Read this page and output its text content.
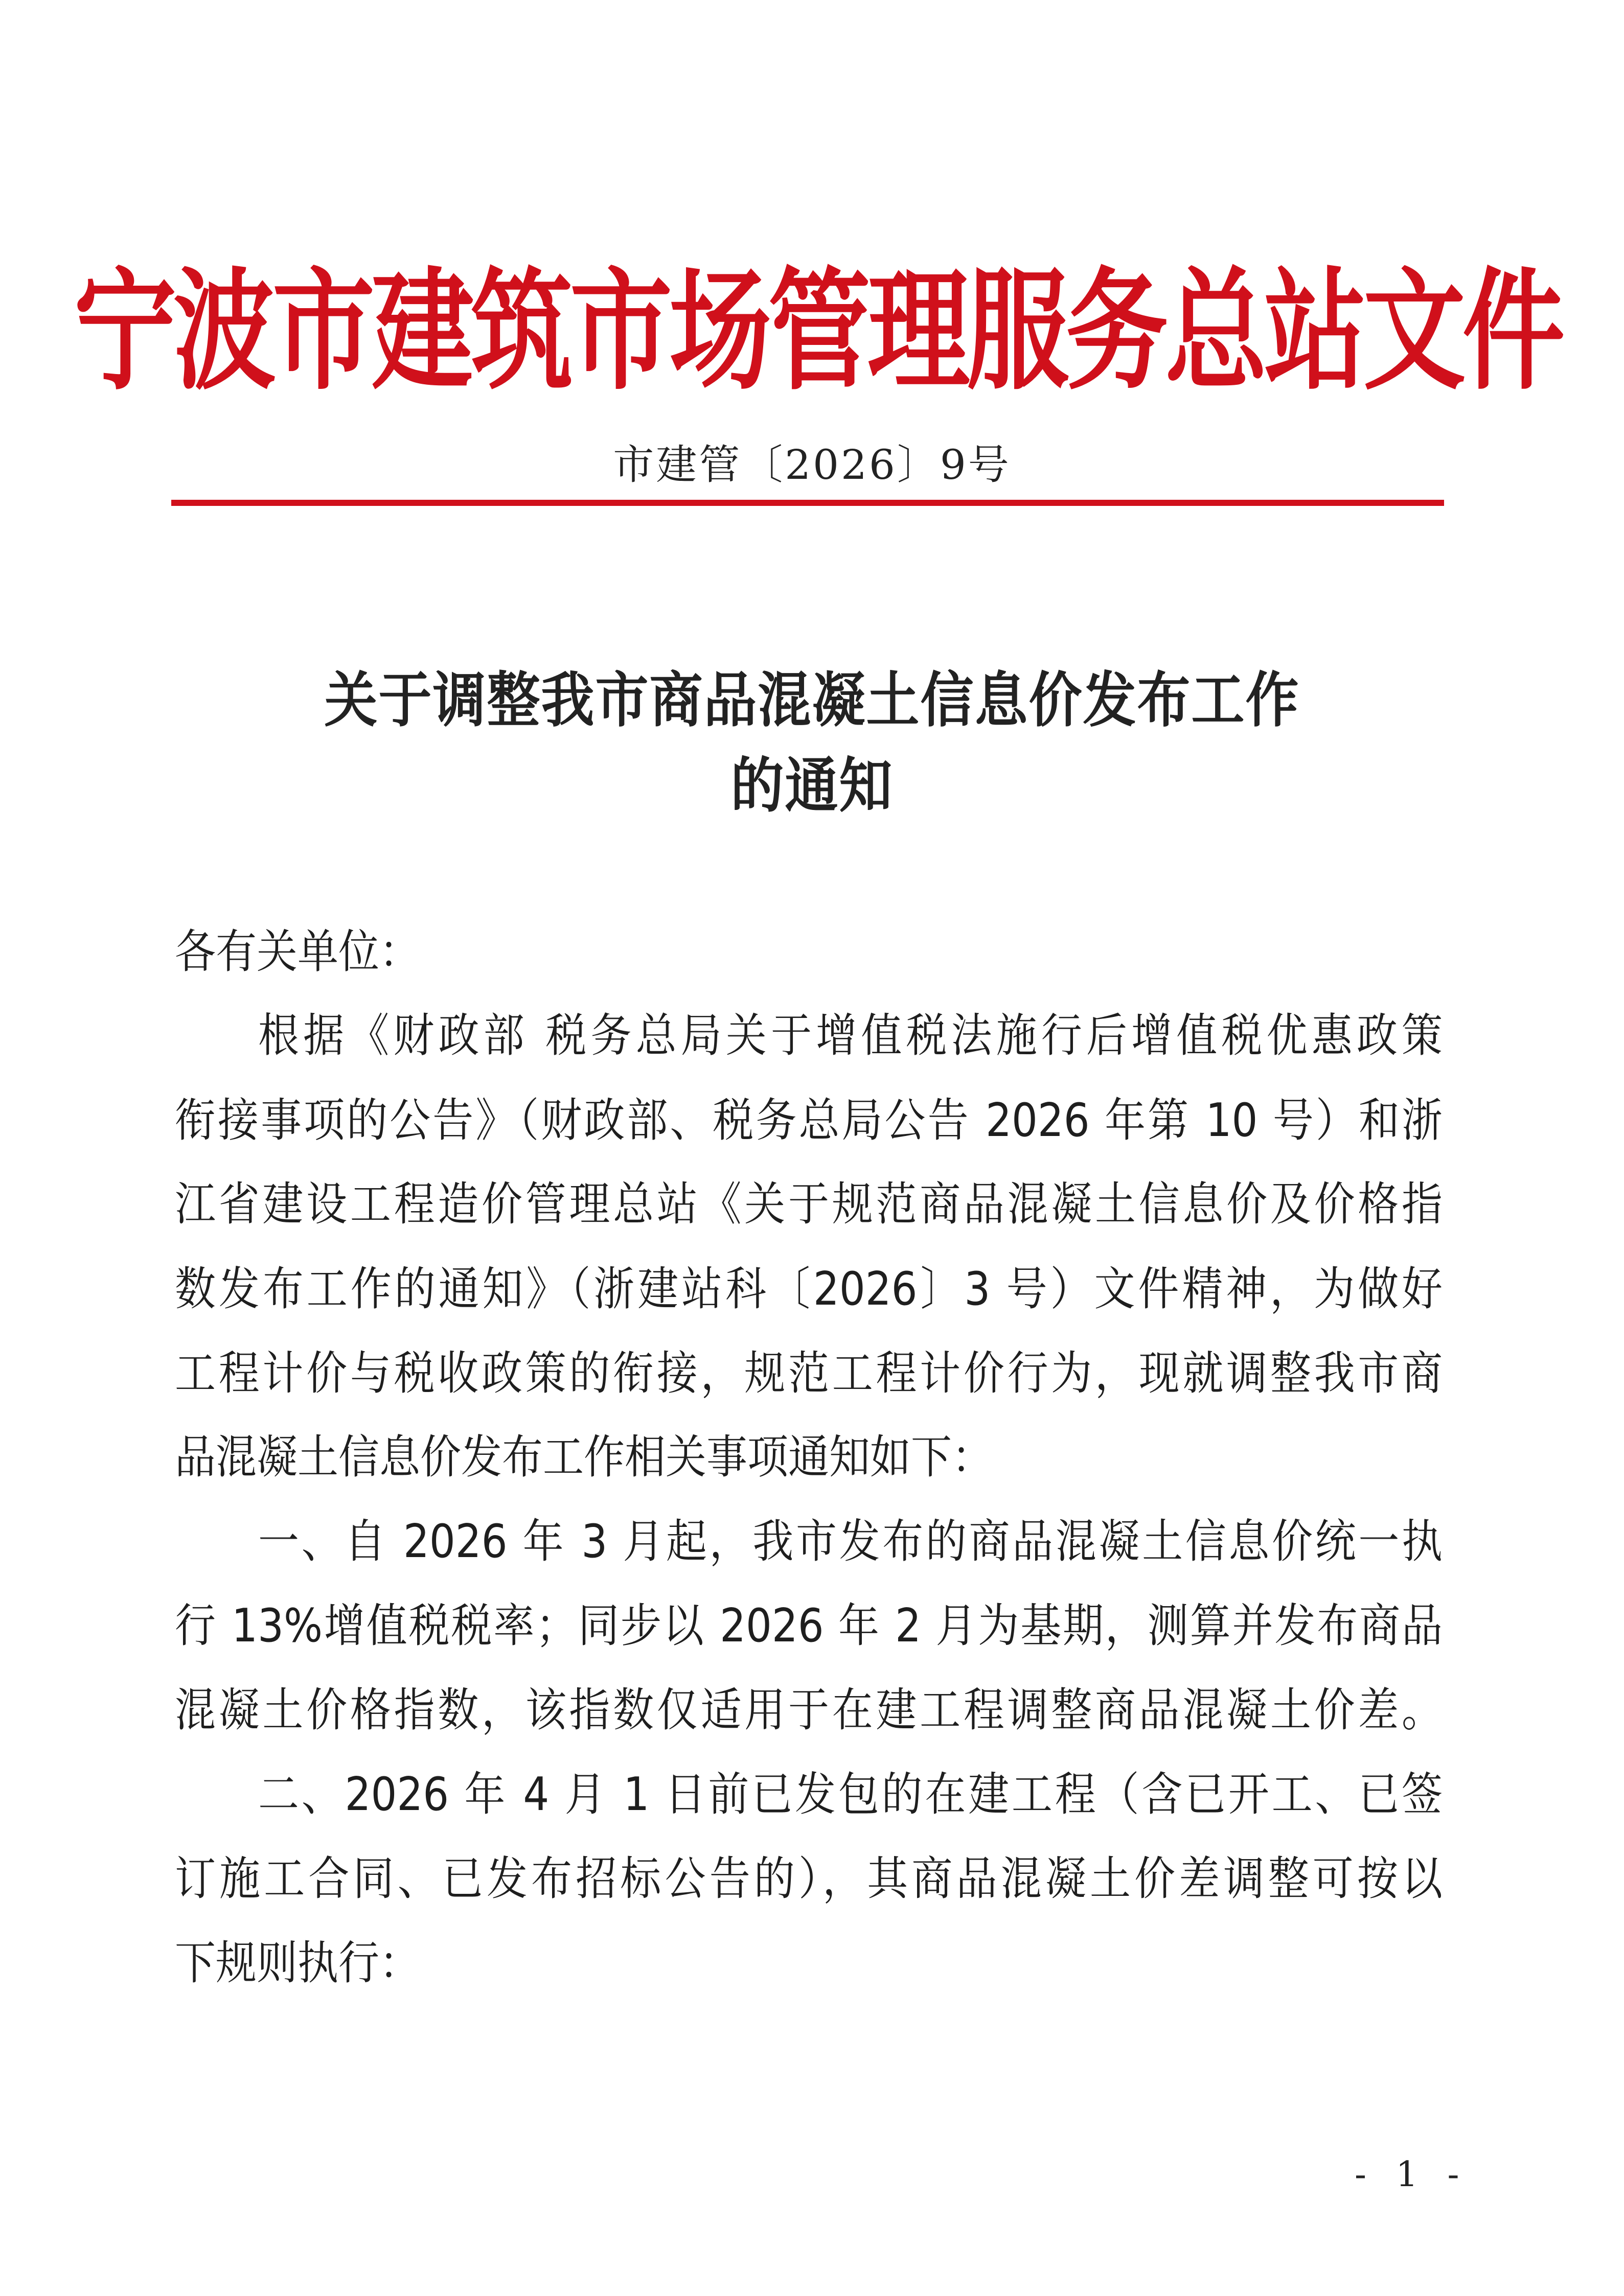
宁波市建筑市场管理服务总站文件
市建管〔2026〕9号
关于调整我市商品混凝土信息价发布工作
的通知
各有关单位：
根据《财政部 税务总局关于增值税法施行后增值税优惠政策
衔接事项的公告》（财政部、税务总局公告 2026 年第 10 号）和浙
江省建设工程造价管理总站《关于规范商品混凝土信息价及价格指
数发布工作的通知》（浙建站科〔2026〕3 号）文件精神，为做好
工程计价与税收政策的衔接，规范工程计价行为，现就调整我市商
品混凝土信息价发布工作相关事项通知如下：
一、自 2026 年 3 月起，我市发布的商品混凝土信息价统一执
行 13%增值税税率；同步以 2026 年 2 月为基期，测算并发布商品
混凝土价格指数，该指数仅适用于在建工程调整商品混凝土价差。
二、2026 年 4 月 1 日前已发包的在建工程（含已开工、已签
订施工合同、已发布招标公告的），其商品混凝土价差调整可按以
下规则执行：
- 1 -
